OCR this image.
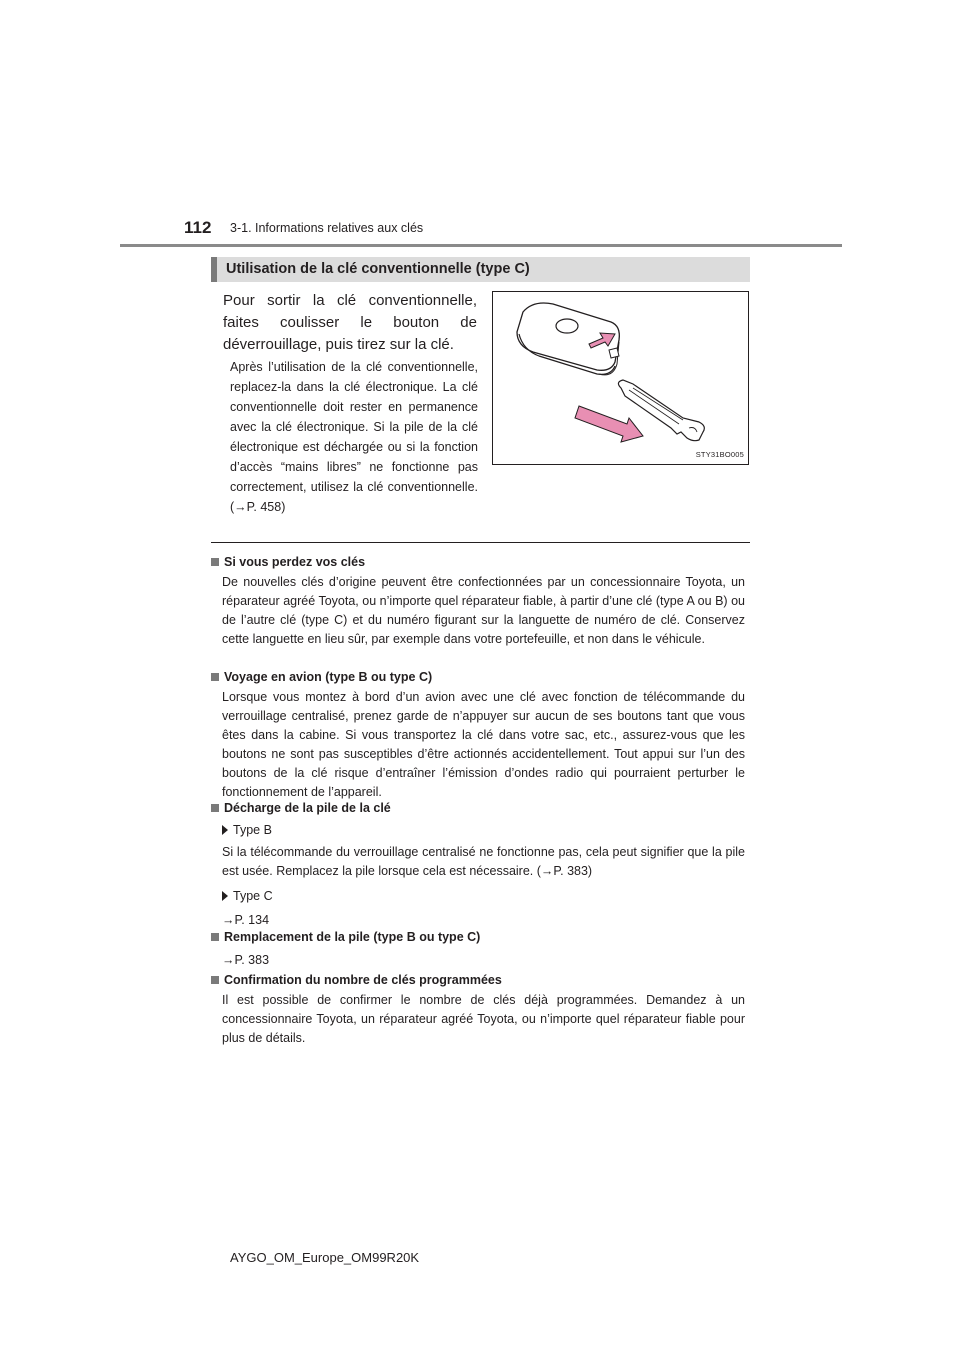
112 3-1. Informations relatives aux clés
Utilisation de la clé conventionnelle (type C)
Pour sortir la clé conventionnelle, faites coulisser le bouton de déverrouillage, puis tirez sur la clé.
Après l’utilisation de la clé conventionnelle, replacez-la dans la clé électronique. La clé conventionnelle doit rester en permanence avec la clé électronique. Si la pile de la clé électronique est déchargée ou si la fonction d’accès “mains libres” ne fonctionne pas correctement, utilisez la clé conventionnelle. (→P. 458)
STY31BO005
Si vous perdez vos clés
De nouvelles clés d’origine peuvent être confectionnées par un concessionnaire Toyota, un réparateur agréé Toyota, ou n’importe quel réparateur fiable, à partir d’une clé (type A ou B) ou de l’autre clé (type C) et du numéro figurant sur la languette de numéro de clé. Conservez cette languette en lieu sûr, par exemple dans votre portefeuille, et non dans le véhicule.
Voyage en avion (type B ou type C)
Lorsque vous montez à bord d’un avion avec une clé avec fonction de télécommande du verrouillage centralisé, prenez garde de n’appuyer sur aucun de ses boutons tant que vous êtes dans la cabine. Si vous transportez la clé dans votre sac, etc., assurez-vous que les boutons ne sont pas susceptibles d’être actionnés accidentellement. Tout appui sur l’un des boutons de la clé risque d’entraîner l’émission d’ondes radio qui pourraient perturber le fonctionnement de l’appareil.
Décharge de la pile de la clé
Type B
Si la télécommande du verrouillage centralisé ne fonctionne pas, cela peut signifier que la pile est usée. Remplacez la pile lorsque cela est nécessaire. (→P. 383)
Type C
→P. 134
Remplacement de la pile (type B ou type C)
→P. 383
Confirmation du nombre de clés programmées
Il est possible de confirmer le nombre de clés déjà programmées. Demandez à un concessionnaire Toyota, un réparateur agréé Toyota, ou n’importe quel réparateur fiable pour plus de détails.
AYGO_OM_Europe_OM99R20K
